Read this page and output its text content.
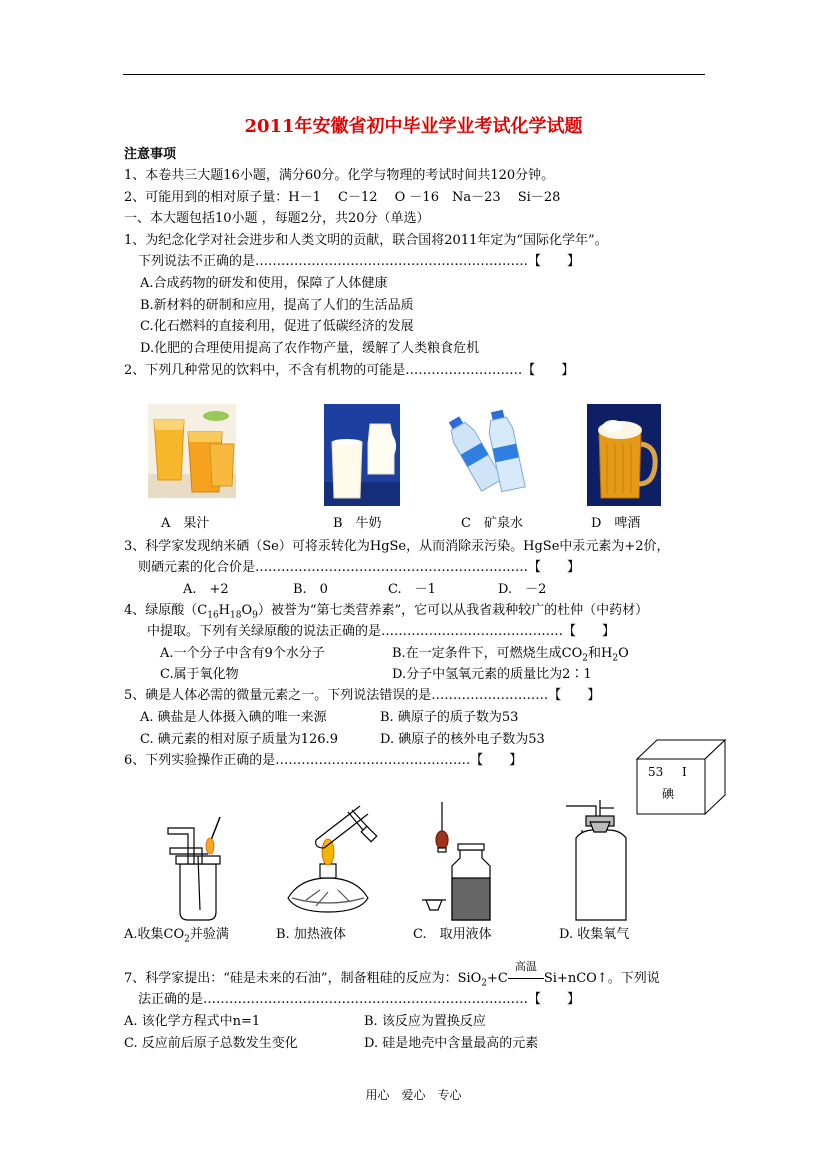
2011年安徽省初中毕业学业考试化学试题
注意事项
1、本卷共三大题16小题，满分60分。化学与物理的考试时间共120分钟。
2、可能用到的相对原子量：H－1　 C－12　 O －16　Na－23　 Si－28
一、本大题包括10小题 ，每题2分，共20分（单选）
1、为纪念化学对社会进步和人类文明的贡献，联合国将2011年定为“国际化学年”。
下列说法不正确的是………………………………………………………【　　】
A.合成药物的研发和使用，保障了人体健康
B.新材料的研制和应用，提高了人们的生活品质
C.化石燃料的直接利用，促进了低碳经济的发展
D.化肥的合理使用提高了农作物产量，缓解了人类粮食危机
2、下列几种常见的饮料中，不含有机物的可能是………………………【　　】
A　果汁	B　牛奶	C　矿泉水	D　啤酒
3、科学家发现纳米硒（Se）可将汞转化为HgSe，从而消除汞污染。HgSe中汞元素为+2价，
则硒元素的化合价是………………………………………………………【　　】
A.　+2	B.　0	C.　－1	D.　－2
4、绿原酸$(C_{16}H_{18}O_9)$被誉为“第七类营养素”，它可以从我省栽种较广的杜仲（中药材）
中提取。下列有关绿原酸的说法正确的是……………………………………【　　】
A.一个分子中含有9个水分子	B.在一定条件下，可燃烧生成$CO_2$和$H_2O$
C.属于氧化物	D.分子中氢氧元素的质量比为2∶1
5、碘是人体必需的微量元素之一。下列说法错误的是………………………【　　】
A. 碘盐是人体摄入碘的唯一来源	B. 碘原子的质子数为53
C. 碘元素的相对原子质量为126.9	D. 碘原子的核外电子数为53
53 I
碘
6、下列实验操作正确的是………………………………………【　　】
A.收集$CO_2$并验满	B. 加热液体	C.　取用液体	D. 收集氧气
7、科学家提出：“硅是未来的石油”，制备粗硅的反应为：SiO$_2$+C
高温
Si+nCO↑。下列说
法正确的是…………………………………………………………………【　　】
A. 该化学方程式中n=1	B. 该反应为置换反应
C. 反应前后原子总数发生变化	D. 硅是地壳中含量最高的元素
用心　爱心　专心
